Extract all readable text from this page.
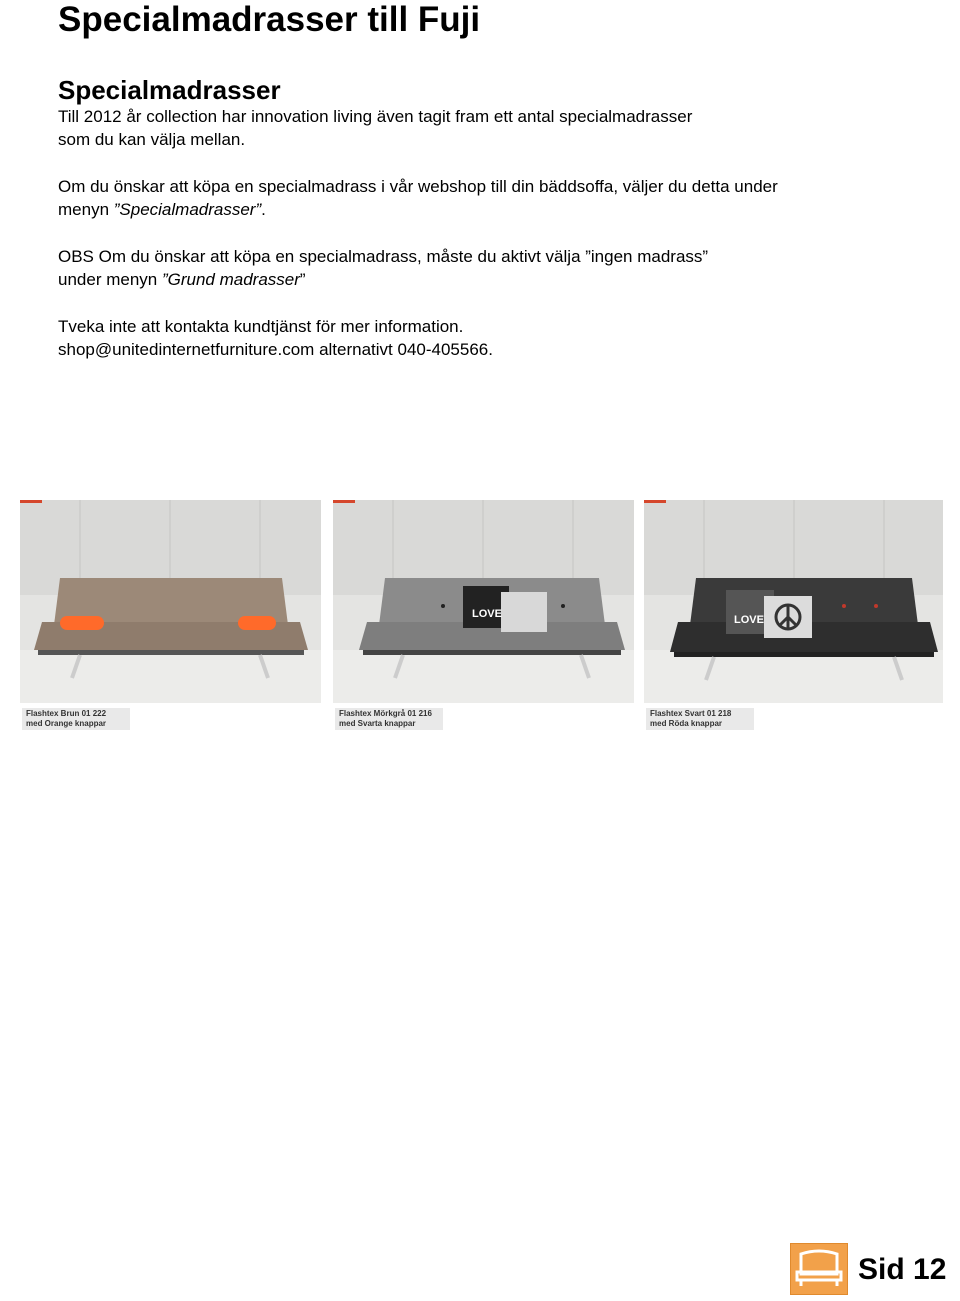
Specialmadrasser till Fuji
Specialmadrasser

Till 2012 år collection har innovation living även tagit fram ett antal specialmadrasser
som du kan välja mellan.

Om du önskar att köpa en specialmadrass i vår webshop till din bäddsoffa, väljer du detta under
menyn ”Specialmadrasser”.

OBS Om du önskar att köpa en specialmadrass, måste du aktivt välja ”ingen madrass”
under menyn ”Grund madrasser”

Tveka inte att kontakta kundtjänst för mer information.
shop@unitedinternetfurniture.com alternativt 040-405566.

LOVE	LOVE
Flashtex Brun 01 222
med Orange knappar
Flashtex Mörkgrå 01 216
med Svarta knappar
Flashtex Svart 01 218
med Röda knappar
Sid 12
